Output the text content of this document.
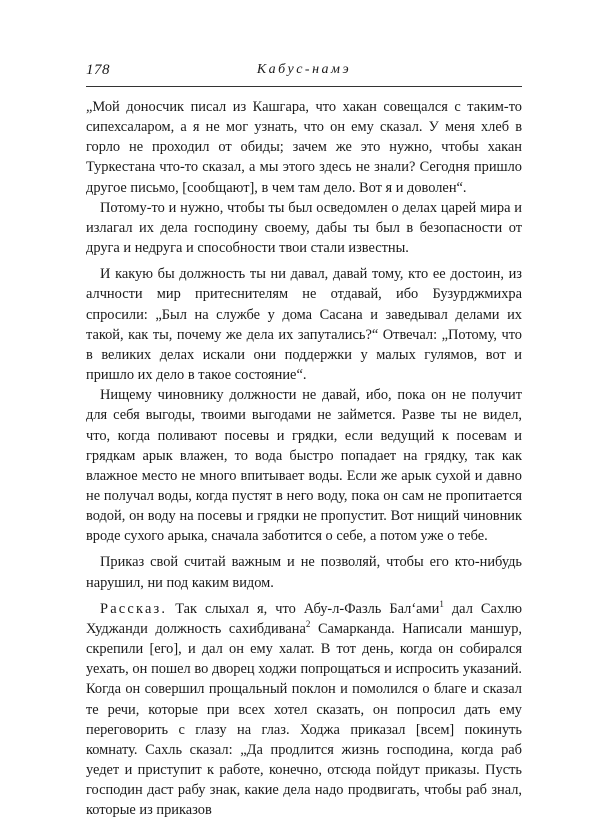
178	Кабус-намэ

„Мой доносчик писал из Кашгара, что хакан совещался с таким-то сипехсаларом, а я не мог узнать, что он ему сказал. У меня хлеб в горло не проходил от обиды; зачем же это нужно, чтобы хакан Туркестана что-то сказал, а мы этого здесь не знали? Сегодня пришло другое письмо, [сообщают], в чем там дело. Вот я и доволен“.

Потому-то и нужно, чтобы ты был осведомлен о делах царей мира и излагал их дела господину своему, дабы ты был в безопасности от друга и недруга и способности твои стали известны.

И какую бы должность ты ни давал, давай тому, кто ее достоин, из алчности мир притеснителям не отдавай, ибо Бузурджмихра спросили: „Был на службе у дома Сасана и заведывал делами их такой, как ты, почему же дела их запутались?“ Отвечал: „Потому, что в великих делах искали они поддержки у малых гулямов, вот и пришло их дело в такое состояние“.

Нищему чиновнику должности не давай, ибо, пока он не получит для себя выгоды, твоими выгодами не займется. Разве ты не видел, что, когда поливают посевы и грядки, если ведущий к посевам и грядкам арык влажен, то вода быстро попадает на грядку, так как влажное место не много впитывает воды. Если же арык сухой и давно не получал воды, когда пустят в него воду, пока он сам не пропитается водой, он воду на посевы и грядки не пропустит. Вот нищий чиновник вроде сухого арыка, сначала заботится о себе, а потом уже о тебе.

Приказ свой считай важным и не позволяй, чтобы его кто-нибудь нарушил, ни под каким видом.

Рассказ. Так слыхал я, что Абу-л-Фазль Бал‘ами$^1$ дал Сахлю Худжанди должность сахибдивана$^2$ Самарканда. Написали маншур, скрепили [его], и дал он ему халат. В тот день, когда он собирался уехать, он пошел во дворец ходжи попрощаться и испросить указаний. Когда он совершил прощальный поклон и помолился о благе и сказал те речи, которые при всех хотел сказать, он попросил дать ему переговорить с глазу на глаз. Ходжа приказал [всем] покинуть комнату. Сахль сказал: „Да продлится жизнь господина, когда раб уедет и приступит к работе, конечно, отсюда пойдут приказы. Пусть господин даст рабу знак, какие дела надо продвигать, чтобы раб знал, которые из приказов
